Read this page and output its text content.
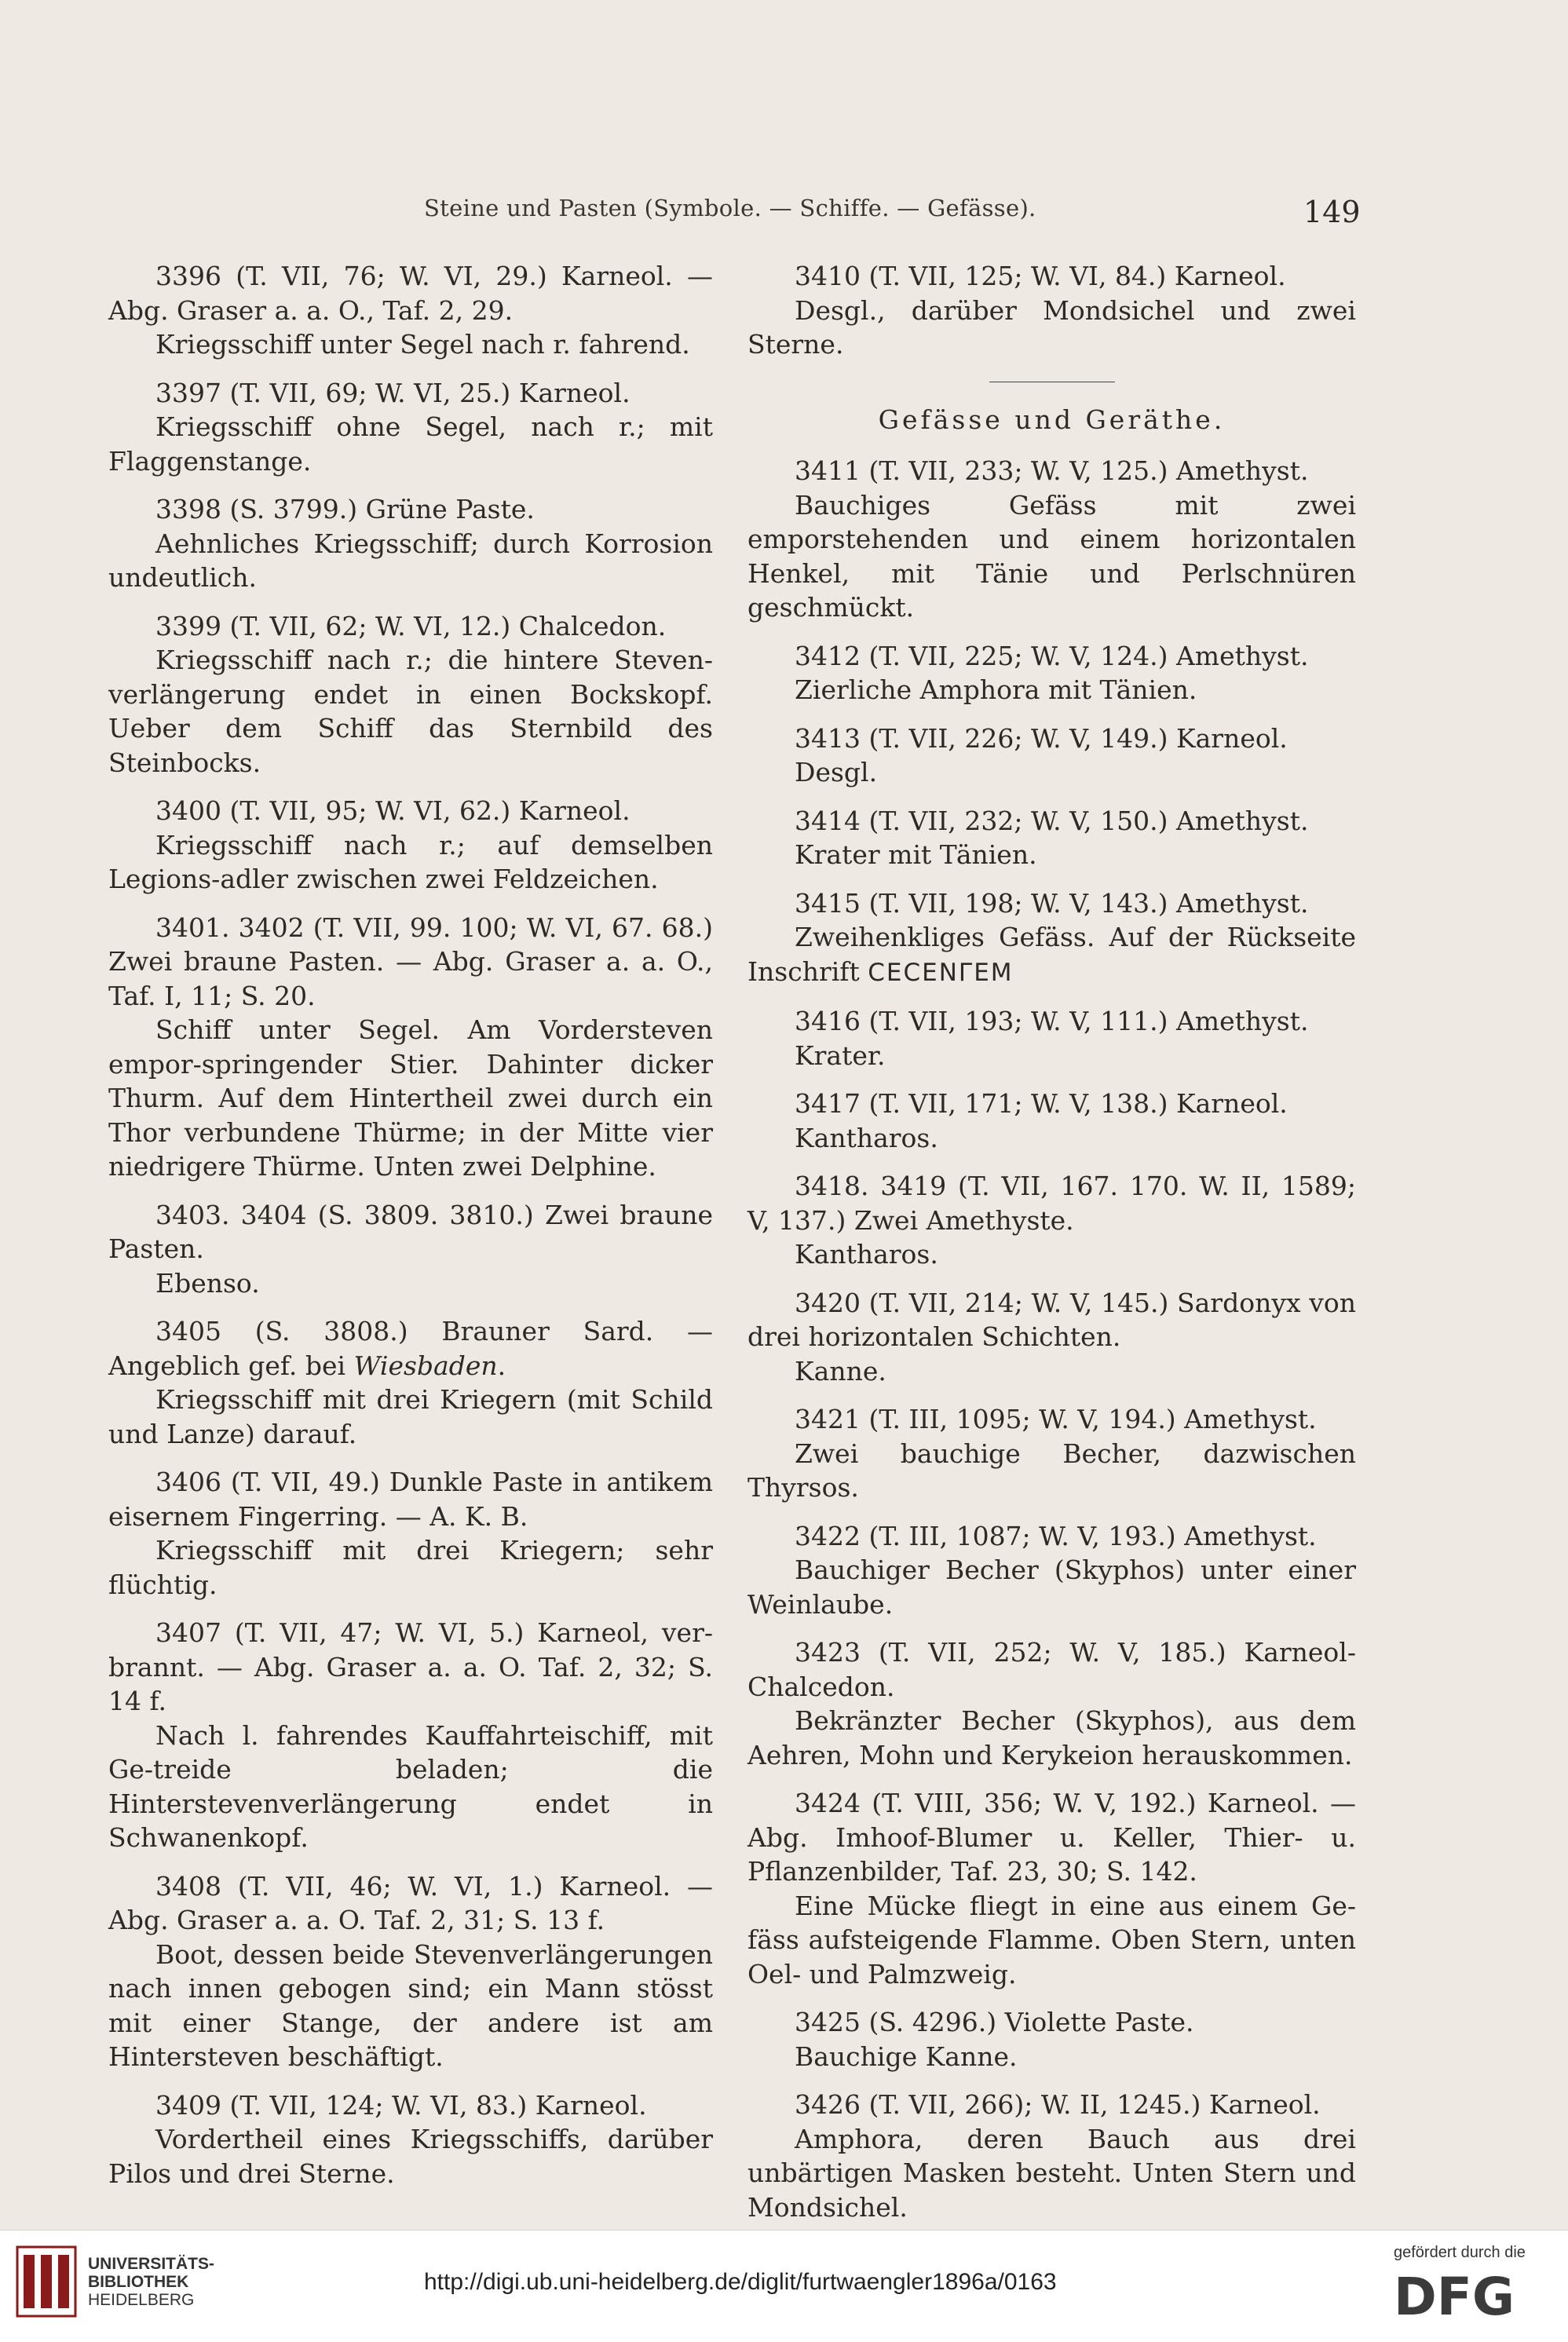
Steine und Pasten (Symbole. — Schiffe. — Gefässe).	149

3396 (T. VII, 76; W. VI, 29.) Karneol. — Abg. Graser a. a. O., Taf. 2, 29.

Kriegsschiff unter Segel nach r. fahrend.

3397 (T. VII, 69; W. VI, 25.) Karneol.

Kriegsschiff ohne Segel, nach r.; mit Flaggenstange.

3398 (S. 3799.) Grüne Paste.

Aehnliches Kriegsschiff; durch Korrosion undeutlich.

3399 (T. VII, 62; W. VI, 12.) Chalcedon.

Kriegsschiff nach r.; die hintere Steven-verlängerung endet in einen Bockskopf. Ueber dem Schiff das Sternbild des Steinbocks.

3400 (T. VII, 95; W. VI, 62.) Karneol.

Kriegsschiff nach r.; auf demselben Legions-adler zwischen zwei Feldzeichen.

3401. 3402 (T. VII, 99. 100; W. VI, 67. 68.) Zwei braune Pasten. — Abg. Graser a. a. O., Taf. I, 11; S. 20.

Schiff unter Segel. Am Vordersteven empor-springender Stier. Dahinter dicker Thurm. Auf dem Hintertheil zwei durch ein Thor verbundene Thürme; in der Mitte vier niedrigere Thürme. Unten zwei Delphine.

3403. 3404 (S. 3809. 3810.) Zwei braune Pasten.

Ebenso.

3405 (S. 3808.) Brauner Sard. — Angeblich gef. bei Wiesbaden.

Kriegsschiff mit drei Kriegern (mit Schild und Lanze) darauf.

3406 (T. VII, 49.) Dunkle Paste in antikem eisernem Fingerring. — A. K. B.

Kriegsschiff mit drei Kriegern; sehr flüchtig.

3407 (T. VII, 47; W. VI, 5.) Karneol, ver-brannt. — Abg. Graser a. a. O. Taf. 2, 32; S. 14 f.

Nach l. fahrendes Kauffahrteischiff, mit Ge-treide beladen; die Hinterstevenverlängerung endet in Schwanenkopf.

3408 (T. VII, 46; W. VI, 1.) Karneol. — Abg. Graser a. a. O. Taf. 2, 31; S. 13 f.

Boot, dessen beide Stevenverlängerungen nach innen gebogen sind; ein Mann stösst mit einer Stange, der andere ist am Hintersteven beschäftigt.

3409 (T. VII, 124; W. VI, 83.) Karneol.

Vordertheil eines Kriegsschiffs, darüber Pilos und drei Sterne.

3410 (T. VII, 125; W. VI, 84.) Karneol.

Desgl., darüber Mondsichel und zwei Sterne.

Gefässe und Geräthe.

3411 (T. VII, 233; W. V, 125.) Amethyst.

Bauchiges Gefäss mit zwei emporstehenden und einem horizontalen Henkel, mit Tänie und Perlschnüren geschmückt.

3412 (T. VII, 225; W. V, 124.) Amethyst.

Zierliche Amphora mit Tänien.

3413 (T. VII, 226; W. V, 149.) Karneol.

Desgl.

3414 (T. VII, 232; W. V, 150.) Amethyst.

Krater mit Tänien.

3415 (T. VII, 198; W. V, 143.) Amethyst.

Zweihenkliges Gefäss. Auf der Rückseite Inschrift CECENΓEM

3416 (T. VII, 193; W. V, 111.) Amethyst.

Krater.

3417 (T. VII, 171; W. V, 138.) Karneol.

Kantharos.

3418. 3419 (T. VII, 167. 170. W. II, 1589; V, 137.) Zwei Amethyste.

Kantharos.

3420 (T. VII, 214; W. V, 145.) Sardonyx von drei horizontalen Schichten.

Kanne.

3421 (T. III, 1095; W. V, 194.) Amethyst.

Zwei bauchige Becher, dazwischen Thyrsos.

3422 (T. III, 1087; W. V, 193.) Amethyst.

Bauchiger Becher (Skyphos) unter einer Weinlaube.

3423 (T. VII, 252; W. V, 185.) Karneol-Chalcedon.

Bekränzter Becher (Skyphos), aus dem Aehren, Mohn und Kerykeion herauskommen.

3424 (T. VIII, 356; W. V, 192.) Karneol. — Abg. Imhoof-Blumer u. Keller, Thier- u. Pflanzenbilder, Taf. 23, 30; S. 142.

Eine Mücke fliegt in eine aus einem Ge-fäss aufsteigende Flamme. Oben Stern, unten Oel- und Palmzweig.

3425 (S. 4296.) Violette Paste.

Bauchige Kanne.

3426 (T. VII, 266); W. II, 1245.) Karneol.

Amphora, deren Bauch aus drei unbärtigen Masken besteht. Unten Stern und Mondsichel.

UNIVERSITÄTS-
BIBLIOTHEK
HEIDELBERG
http://digi.ub.uni-heidelberg.de/diglit/furtwaengler1896a/0163
gefördert durch die
DFG
